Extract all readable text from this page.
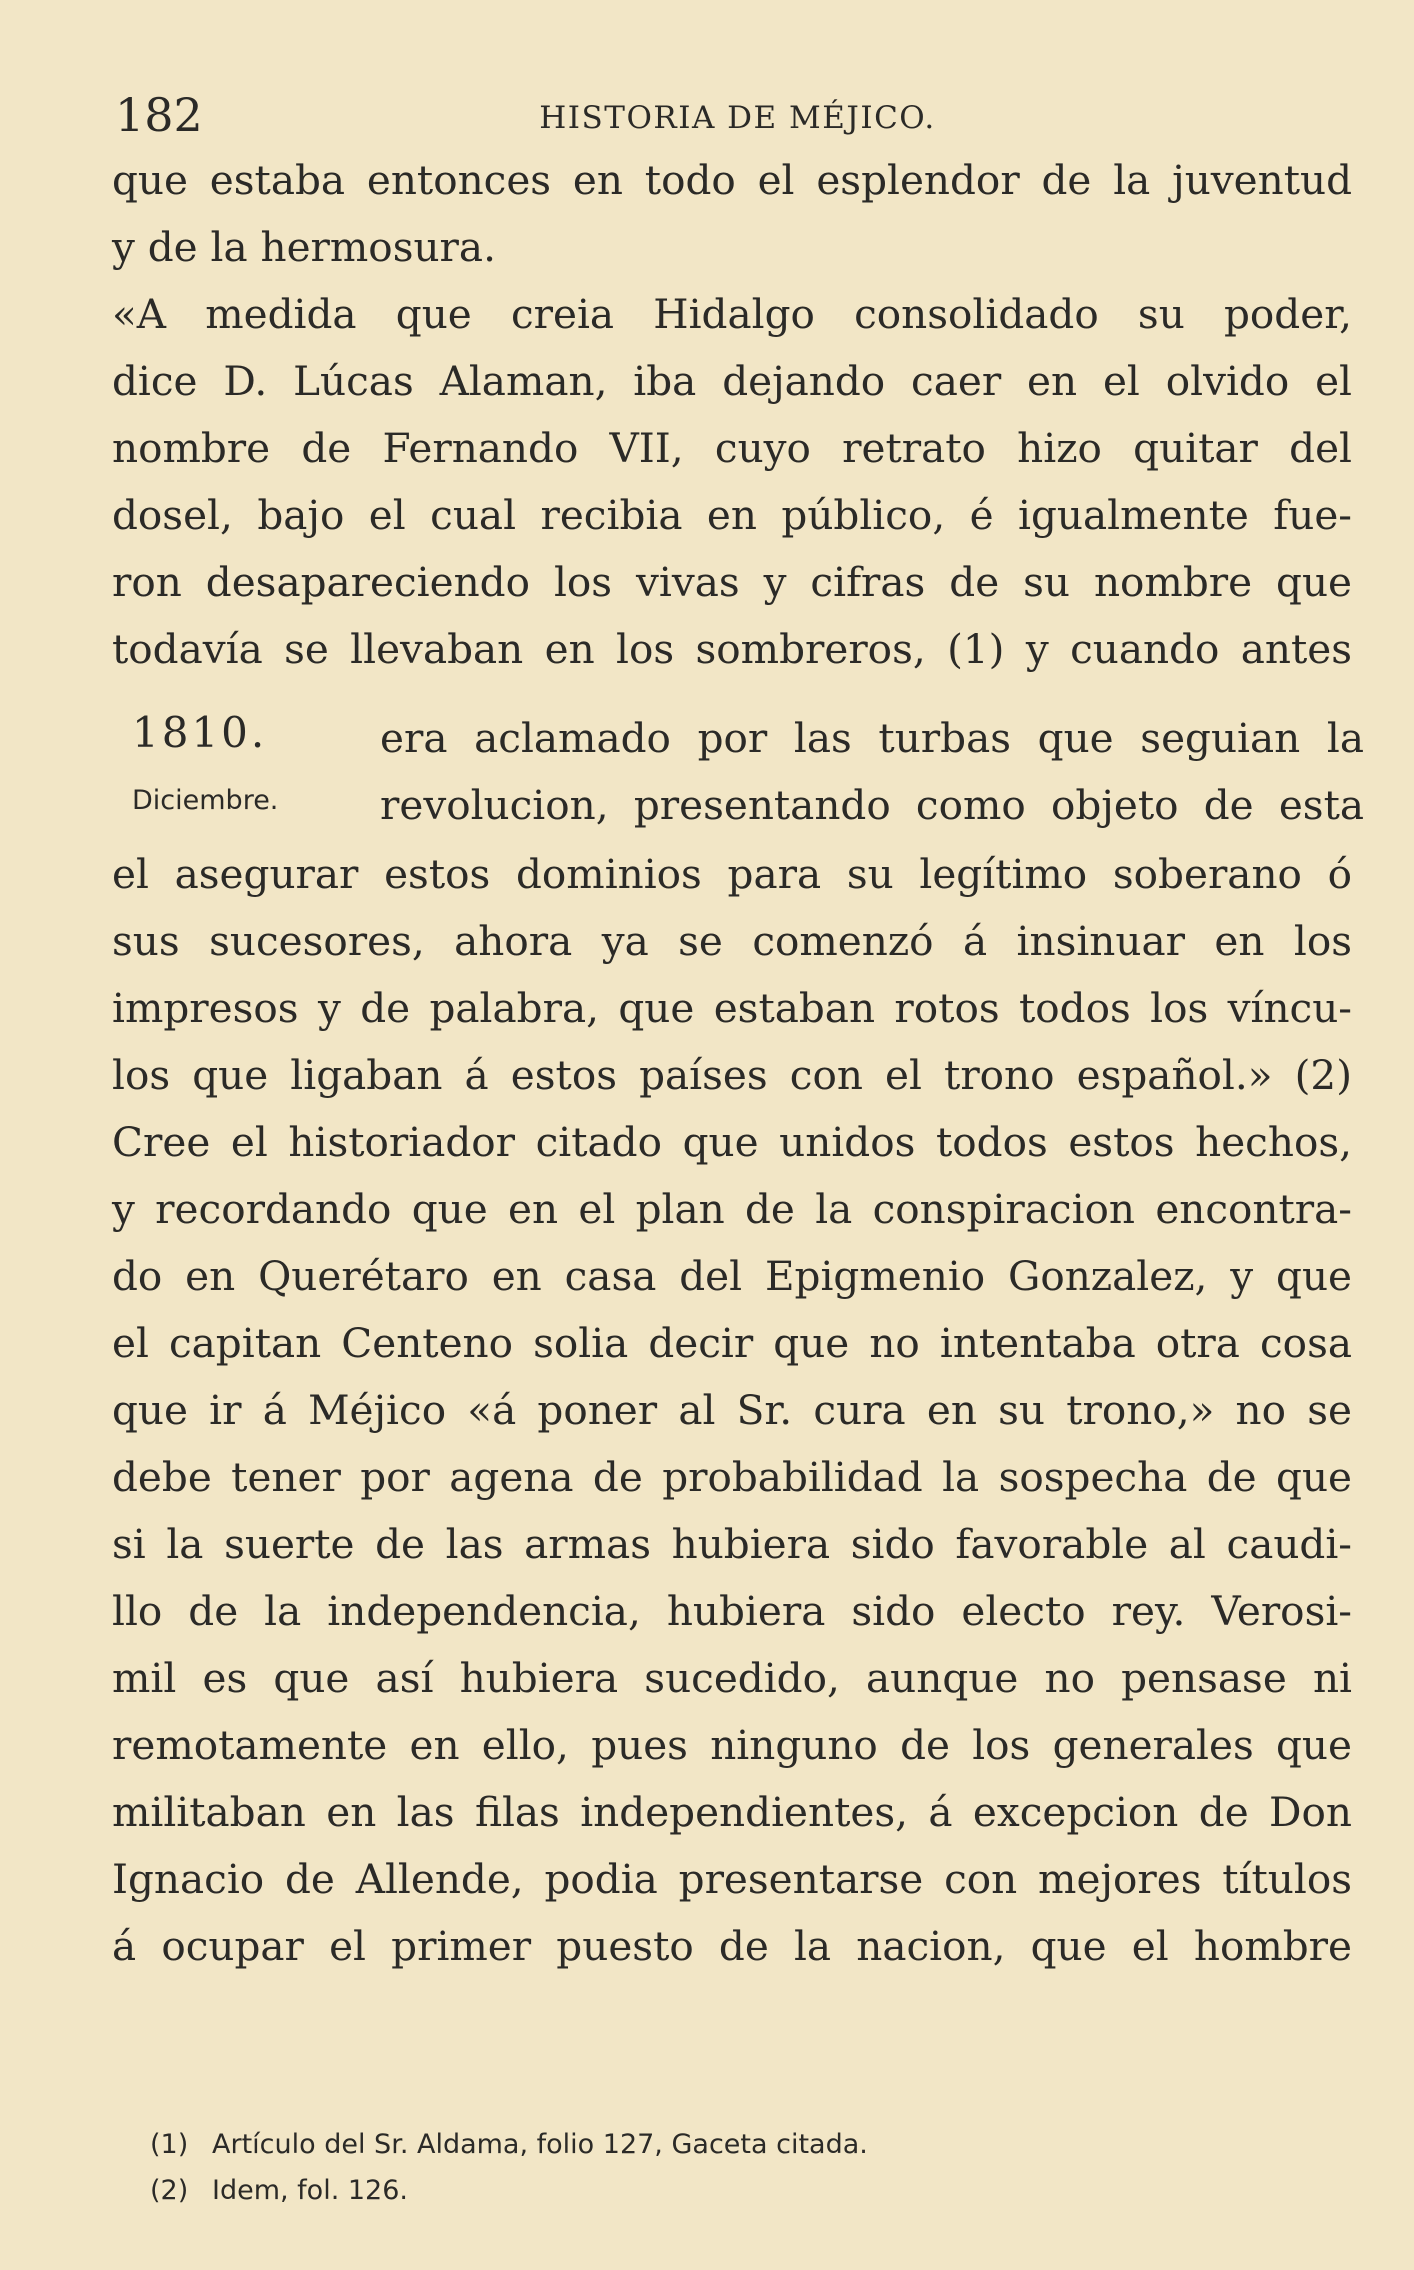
182	HISTORIA DE MÉJICO.
1810.
Diciembre.
que estaba entonces en todo el esplendor de la juventud
y de la hermosura.
«A medida que creia Hidalgo consolidado su poder,
dice D. Lúcas Alaman, iba dejando caer en el olvido el
nombre de Fernando VII, cuyo retrato hizo quitar del
dosel, bajo el cual recibia en público, é igualmente fue-
ron desapareciendo los vivas y cifras de su nombre que
todavía se llevaban en los sombreros, (1) y cuando antes
era aclamado por las turbas que seguian la
revolucion, presentando como objeto de esta
el asegurar estos dominios para su legítimo soberano ó
sus sucesores, ahora ya se comenzó á insinuar en los
impresos y de palabra, que estaban rotos todos los víncu-
los que ligaban á estos países con el trono español.» (2)
Cree el historiador citado que unidos todos estos hechos,
y recordando que en el plan de la conspiracion encontra-
do en Querétaro en casa del Epigmenio Gonzalez, y que
el capitan Centeno solia decir que no intentaba otra cosa
que ir á Méjico «á poner al Sr. cura en su trono,» no se
debe tener por agena de probabilidad la sospecha de que
si la suerte de las armas hubiera sido favorable al caudi-
llo de la independencia, hubiera sido electo rey. Verosi-
mil es que así hubiera sucedido, aunque no pensase ni
remotamente en ello, pues ninguno de los generales que
militaban en las filas independientes, á excepcion de Don
Ignacio de Allende, podia presentarse con mejores títulos
á ocupar el primer puesto de la nacion, que el hombre
(1) Artículo del Sr. Aldama, folio 127, Gaceta citada.
(2) Idem, fol. 126.
